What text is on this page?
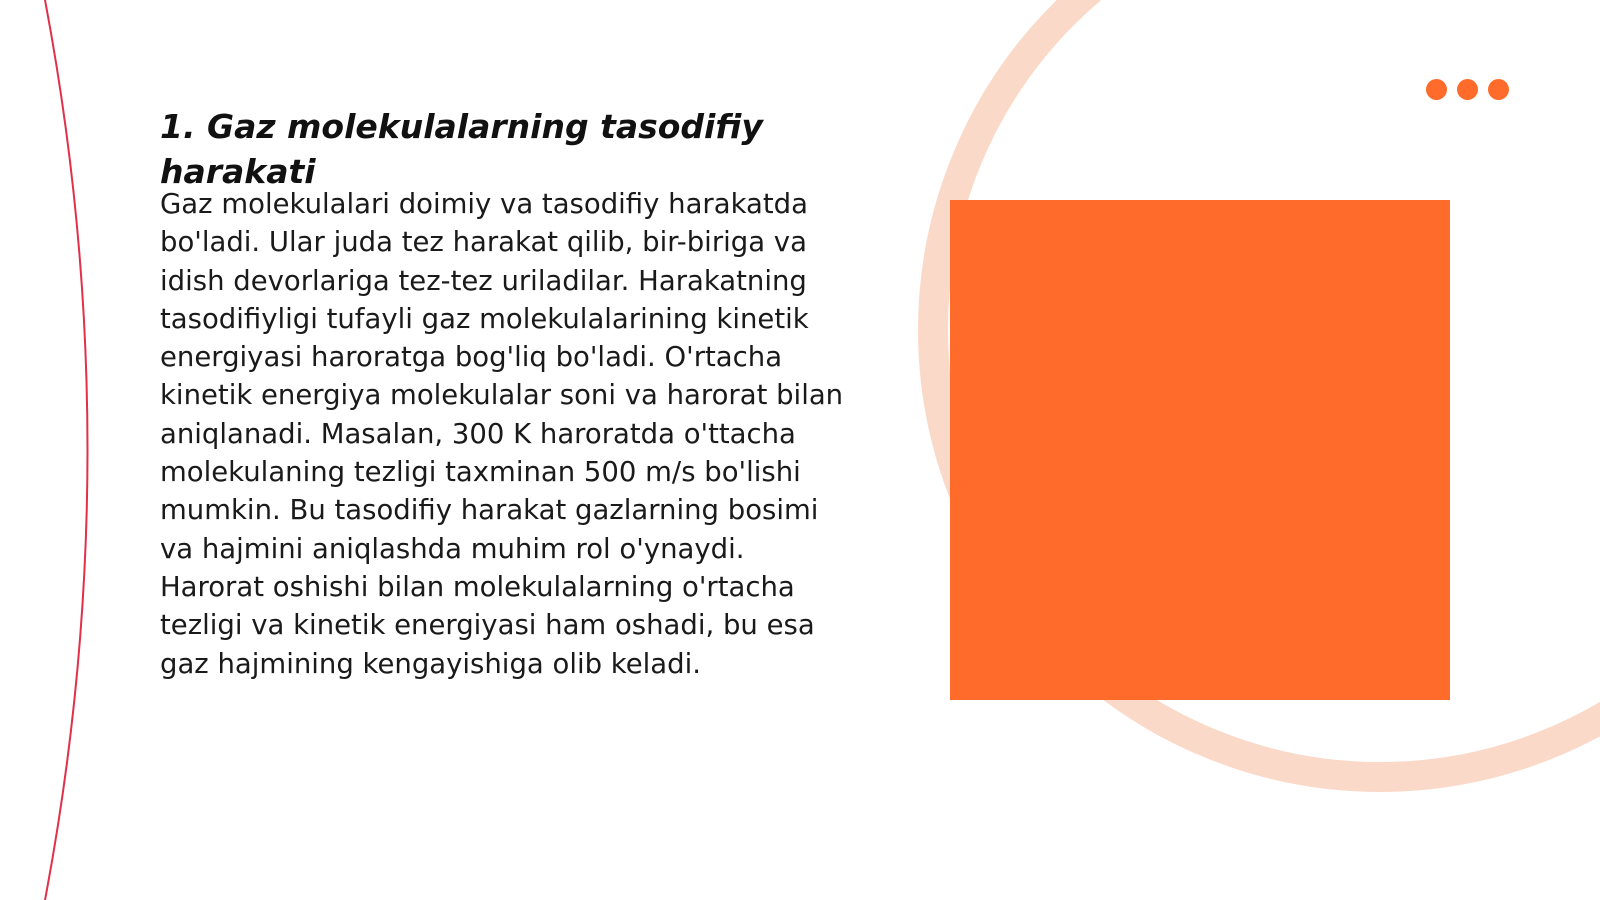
1. Gaz molekulalarning tasodifiy harakati

Gaz molekulalari doimiy va tasodifiy harakatda bo'ladi. Ular juda tez harakat qilib, bir-biriga va idish devorlariga tez-tez uriladilar. Harakatning tasodifiyligi tufayli gaz molekulalarining kinetik energiyasi haroratga bog'liq bo'ladi. O'rtacha kinetik energiya molekulalar soni va harorat bilan aniqlanadi. Masalan, 300 K haroratda o'ttacha molekulaning tezligi taxminan 500 m/s bo'lishi mumkin. Bu tasodifiy harakat gazlarning bosimi va hajmini aniqlashda muhim rol o'ynaydi. Harorat oshishi bilan molekulalarning o'rtacha tezligi va kinetik energiyasi ham oshadi, bu esa gaz hajmining kengayishiga olib keladi.
